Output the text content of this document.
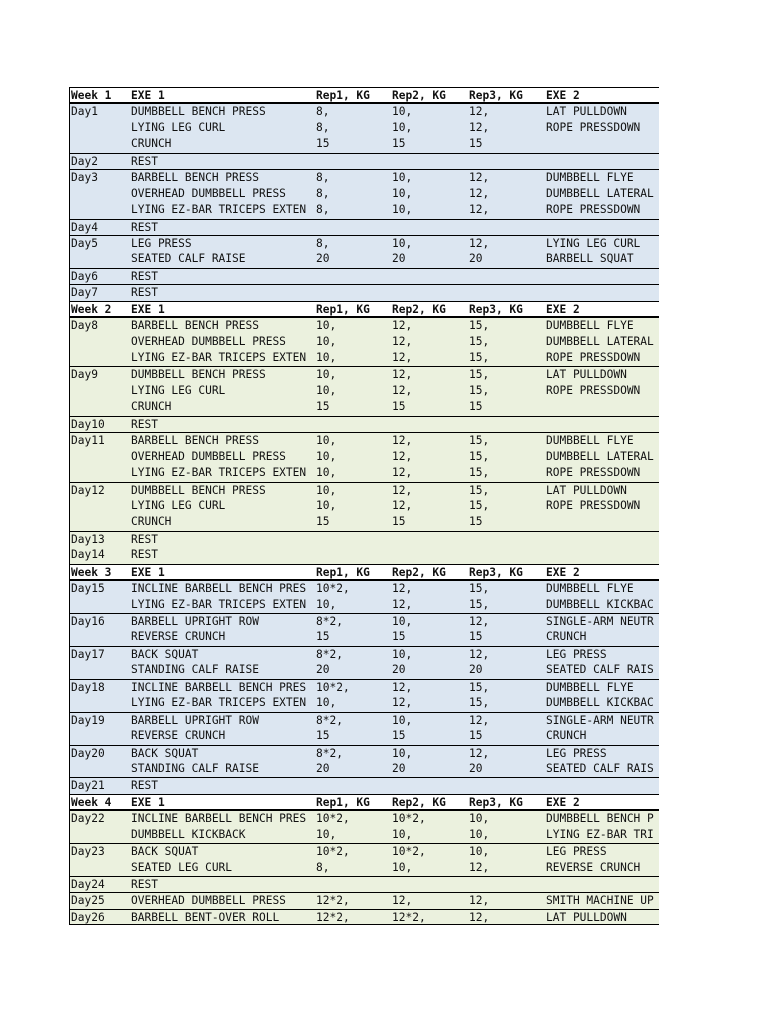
Week 1	EXE 1	Rep1, KG	Rep2, KG	Rep3, KG	EXE 2
Day1	DUMBBELL BENCH PRESS	8,	10,	12,	LAT PULLDOWN
LYING LEG CURL	8,	10,	12,	ROPE PRESSDOWN
CRUNCH	15	15	15
Day2	REST
Day3	BARBELL BENCH PRESS	8,	10,	12,	DUMBBELL FLYE
OVERHEAD DUMBBELL PRESS	8,	10,	12,	DUMBBELL LATERAL
LYING EZ-BAR TRICEPS EXTEN 8,	10,	12,	ROPE PRESSDOWN
Day4	REST
Day5	LEG PRESS	8,	10,	12,	LYING LEG CURL
SEATED CALF RAISE	20	20	20	BARBELL SQUAT
Day6	REST
Day7	REST
Week 2	EXE 1	Rep1, KG	Rep2, KG	Rep3, KG	EXE 2
Day8	BARBELL BENCH PRESS	10,	12,	15,	DUMBBELL FLYE
OVERHEAD DUMBBELL PRESS	10,	12,	15,	DUMBBELL LATERAL
LYING EZ-BAR TRICEPS EXTEN 10,	12,	15,	ROPE PRESSDOWN
Day9	DUMBBELL BENCH PRESS	10,	12,	15,	LAT PULLDOWN
LYING LEG CURL	10,	12,	15,	ROPE PRESSDOWN
CRUNCH	15	15	15
Day10	REST
Day11	BARBELL BENCH PRESS	10,	12,	15,	DUMBBELL FLYE
OVERHEAD DUMBBELL PRESS	10,	12,	15,	DUMBBELL LATERAL
LYING EZ-BAR TRICEPS EXTEN 10,	12,	15,	ROPE PRESSDOWN
Day12	DUMBBELL BENCH PRESS	10,	12,	15,	LAT PULLDOWN
LYING LEG CURL	10,	12,	15,	ROPE PRESSDOWN
CRUNCH	15	15	15
Day13	REST
Day14	REST
Week 3	EXE 1	Rep1, KG	Rep2, KG	Rep3, KG	EXE 2
Day15	INCLINE BARBELL BENCH PRES 10*2,	12,	15,	DUMBBELL FLYE
LYING EZ-BAR TRICEPS EXTEN 10,	12,	15,	DUMBBELL KICKBAC
Day16	BARBELL UPRIGHT ROW	8*2,	10,	12,	SINGLE-ARM NEUTR
REVERSE CRUNCH	15	15	15	CRUNCH
Day17	BACK SQUAT	8*2,	10,	12,	LEG PRESS
STANDING CALF RAISE	20	20	20	SEATED CALF RAIS
Day18	INCLINE BARBELL BENCH PRES 10*2,	12,	15,	DUMBBELL FLYE
LYING EZ-BAR TRICEPS EXTEN 10,	12,	15,	DUMBBELL KICKBAC
Day19	BARBELL UPRIGHT ROW	8*2,	10,	12,	SINGLE-ARM NEUTR
REVERSE CRUNCH	15	15	15	CRUNCH
Day20	BACK SQUAT	8*2,	10,	12,	LEG PRESS
STANDING CALF RAISE	20	20	20	SEATED CALF RAIS
Day21	REST
Week 4	EXE 1	Rep1, KG	Rep2, KG	Rep3, KG	EXE 2
Day22	INCLINE BARBELL BENCH PRES 10*2,	10*2,	10,	DUMBBELL BENCH P
DUMBBELL KICKBACK	10,	10,	10,	LYING EZ-BAR TRI
Day23	BACK SQUAT	10*2,	10*2,	10,	LEG PRESS
SEATED LEG CURL	8,	10,	12,	REVERSE CRUNCH
Day24	REST
Day25	OVERHEAD DUMBBELL PRESS	12*2,	12,	12,	SMITH MACHINE UP
Day26	BARBELL BENT-OVER ROLL	12*2,	12*2,	12,	LAT PULLDOWN
